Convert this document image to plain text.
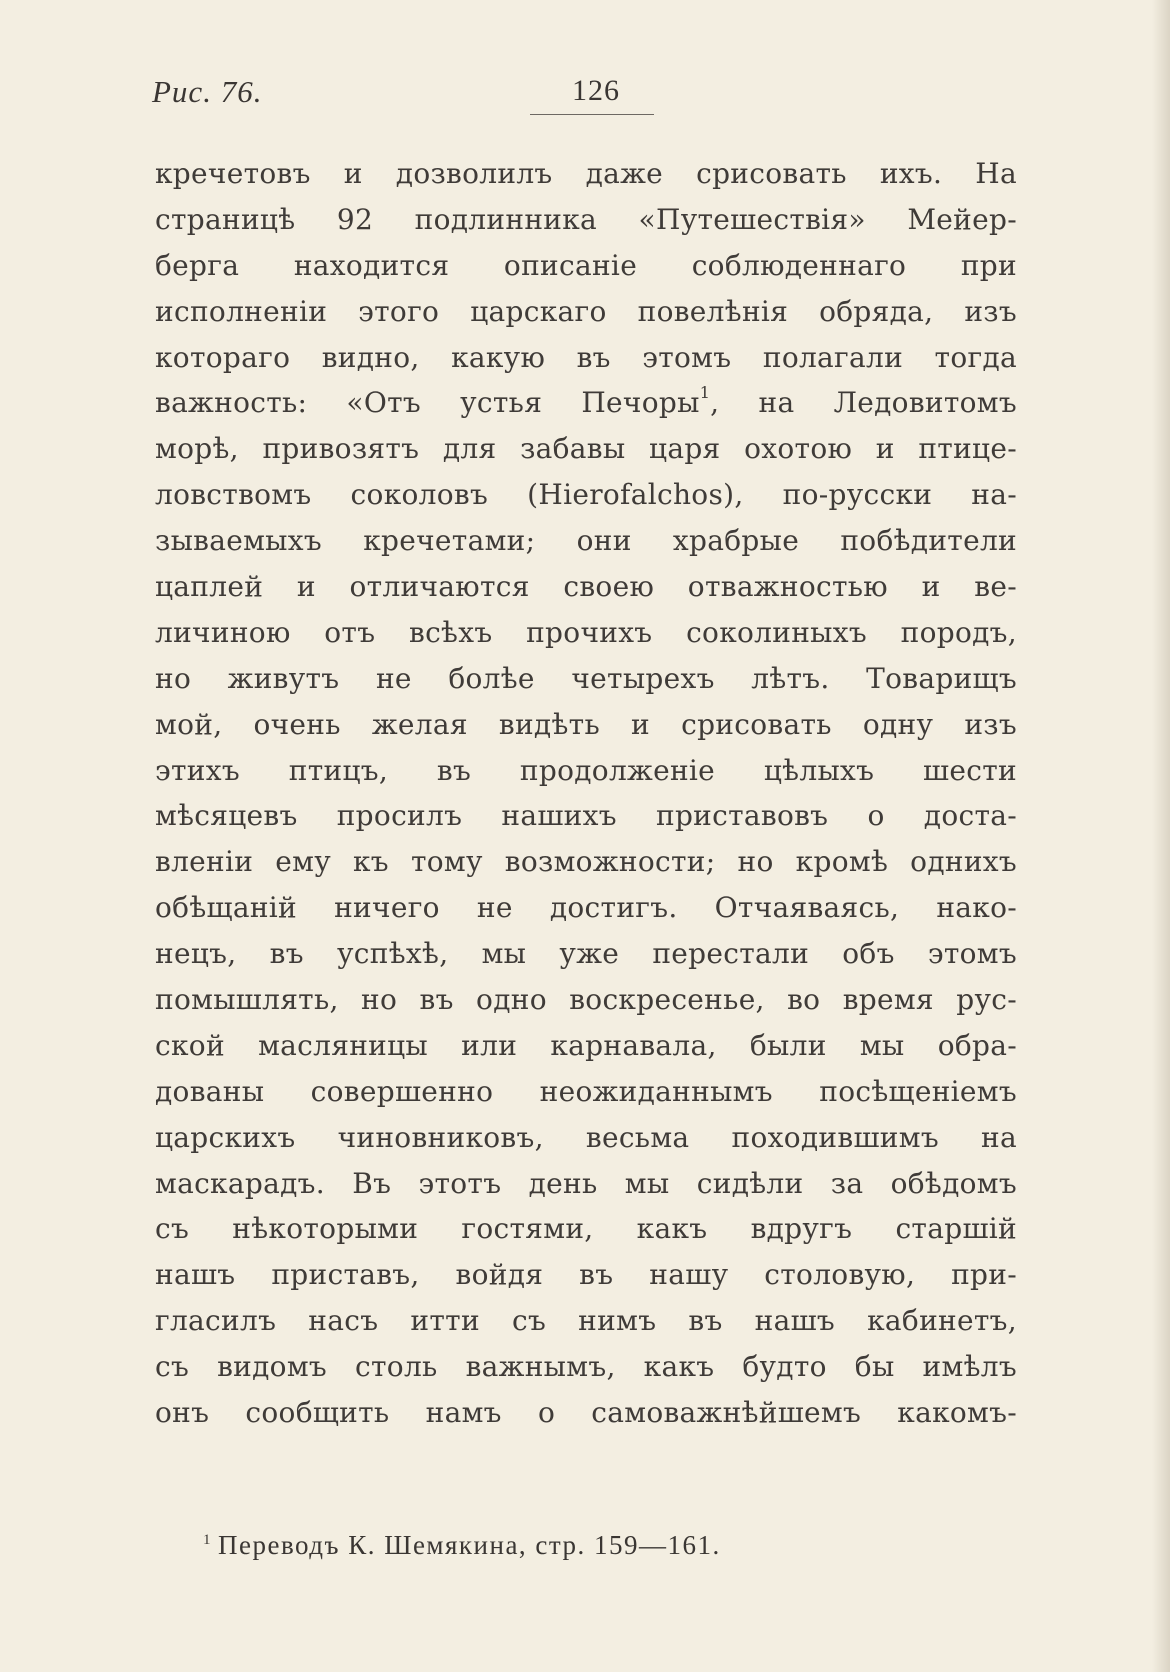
Рис. 76.	126
кречетовъ и дозволилъ даже срисовать ихъ. На
страницѣ 92 подлинника «Путешествія» Мейер-
берга находится описаніе соблюденнаго при
исполненіи этого царскаго повелѣнія обряда, изъ
котораго видно, какую въ этомъ полагали тогда
важность: «Отъ устья Печоры$^1$, на Ледовитомъ
морѣ, привозятъ для забавы царя охотою и птице-
ловствомъ соколовъ (Hierofalchos), по-русски на-
зываемыхъ кречетами; они храбрые побѣдители
цаплей и отличаются своею отважностью и ве-
личиною отъ всѣхъ прочихъ соколиныхъ породъ,
но живутъ не болѣе четырехъ лѣтъ. Товарищъ
мой, очень желая видѣть и срисовать одну изъ
этихъ птицъ, въ продолженіе цѣлыхъ шести
мѣсяцевъ просилъ нашихъ приставовъ о доста-
вленіи ему къ тому возможности; но кромѣ однихъ
обѣщаній ничего не достигъ. Отчаяваясь, нако-
нецъ, въ успѣхѣ, мы уже перестали объ этомъ
помышлять, но въ одно воскресенье, во время рус-
ской масляницы или карнавала, были мы обра-
дованы совершенно неожиданнымъ посѣщеніемъ
царскихъ чиновниковъ, весьма походившимъ на
маскарадъ. Въ этотъ день мы сидѣли за обѣдомъ
съ нѣкоторыми гостями, какъ вдругъ старшій
нашъ приставъ, войдя въ нашу столовую, при-
гласилъ насъ итти съ нимъ въ нашъ кабинетъ,
съ видомъ столь важнымъ, какъ будто бы имѣлъ
онъ сообщить намъ о самоважнѣйшемъ какомъ-
$^1$ Переводъ К. Шемякина, стр. 159—161.
